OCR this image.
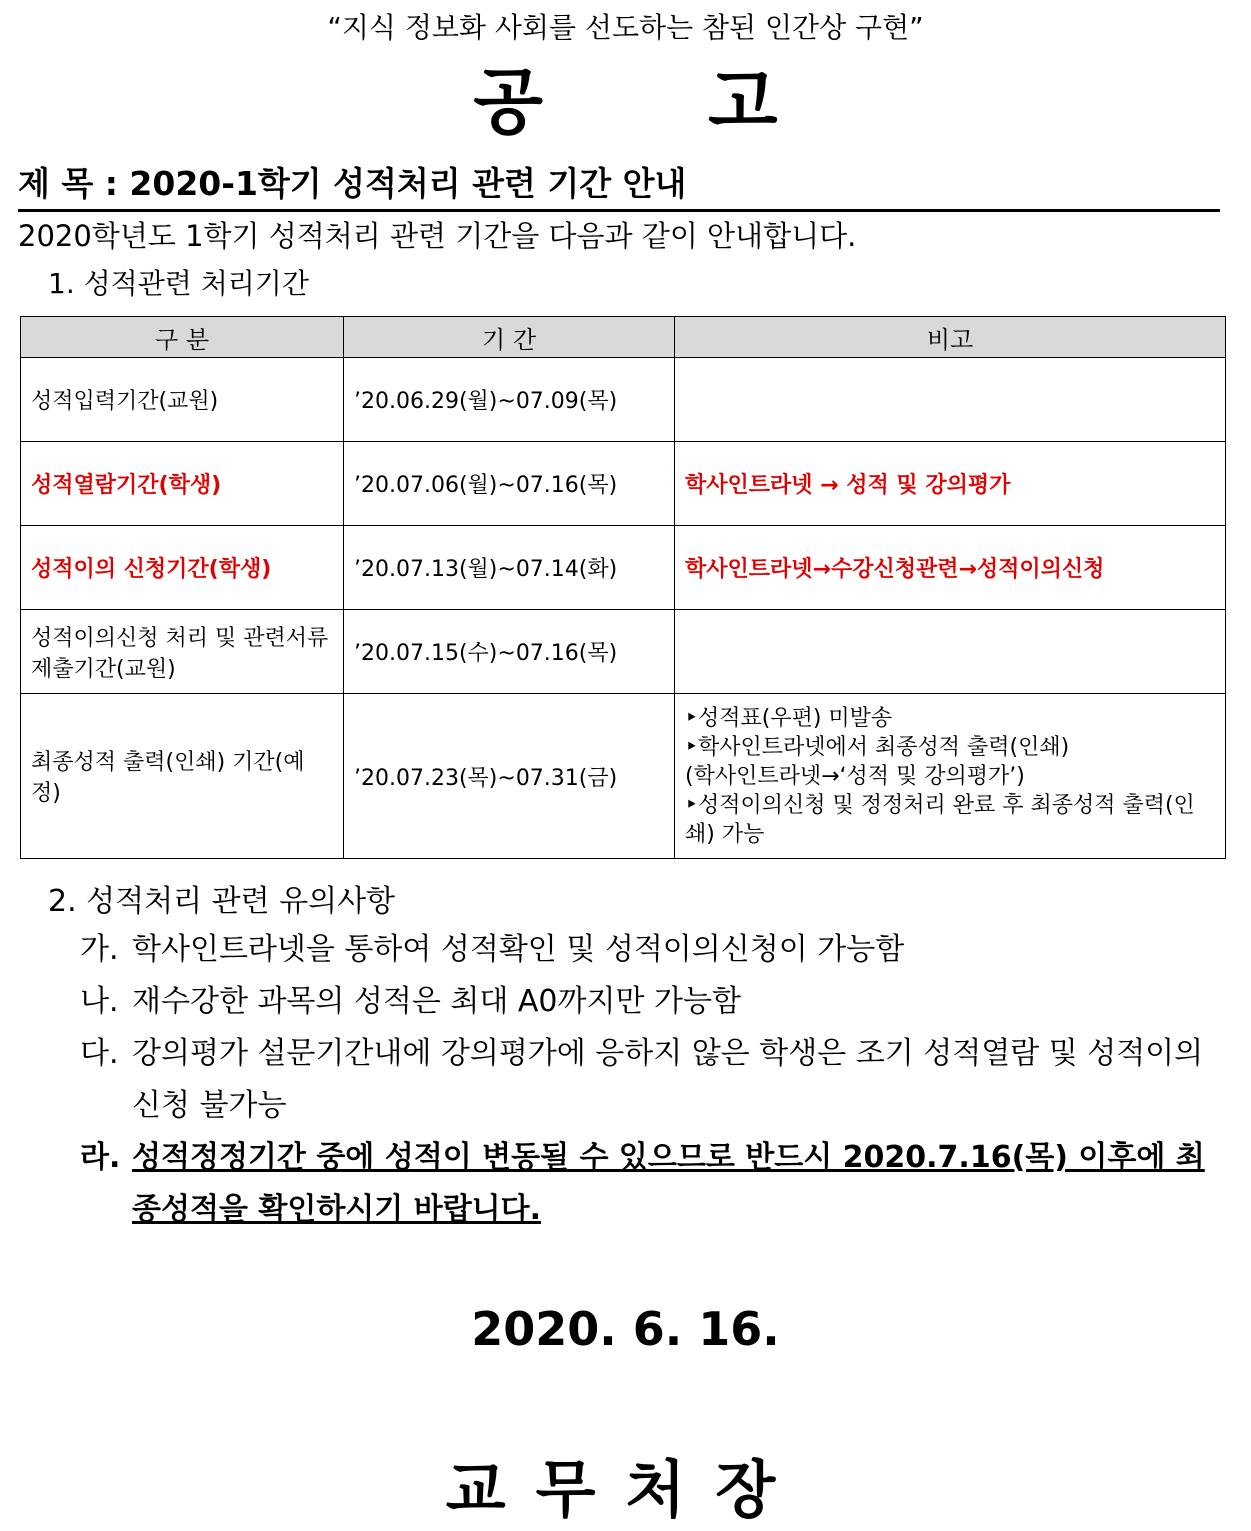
“지식 정보화 사회를 선도하는 참된 인간상 구현”
공 고
제 목 : 2020-1학기 성적처리 관련 기간 안내
2020학년도 1학기 성적처리 관련 기간을 다음과 같이 안내합니다.
1. 성적관련 처리기간
구 분	기 간	비고
성적입력기간(교원)	’20.06.29(월)~07.09(목)	
성적열람기간(학생)	’20.07.06(월)~07.16(목)	학사인트라넷 → 성적 및 강의평가
성적이의 신청기간(학생)	’20.07.13(월)~07.14(화)	학사인트라넷→수강신청관련→성적이의신청
성적이의신청 처리 및 관련서류 제출기간(교원)	’20.07.15(수)~07.16(목)	
최종성적 출력(인쇄) 기간(예정)	’20.07.23(목)~07.31(금)	‣성적표(우편) 미발송
‣학사인트라넷에서 최종성적 출력(인쇄)
(학사인트라넷→‘성적 및 강의평가’)
‣성적이의신청 및 정정처리 완료 후 최종성적 출력(인쇄) 가능
2. 성적처리 관련 유의사항
가. 학사인트라넷을 통하여 성적확인 및 성적이의신청이 가능함
나. 재수강한 과목의 성적은 최대 A0까지만 가능함
다. 강의평가 설문기간내에 강의평가에 응하지 않은 학생은 조기 성적열람 및 성적이의신청 불가능
라. 성적정정기간 중에 성적이 변동될 수 있으므로 반드시 2020.7.16(목) 이후에 최종성적을 확인하시기 바랍니다.
2020. 6. 16.
교무처장
